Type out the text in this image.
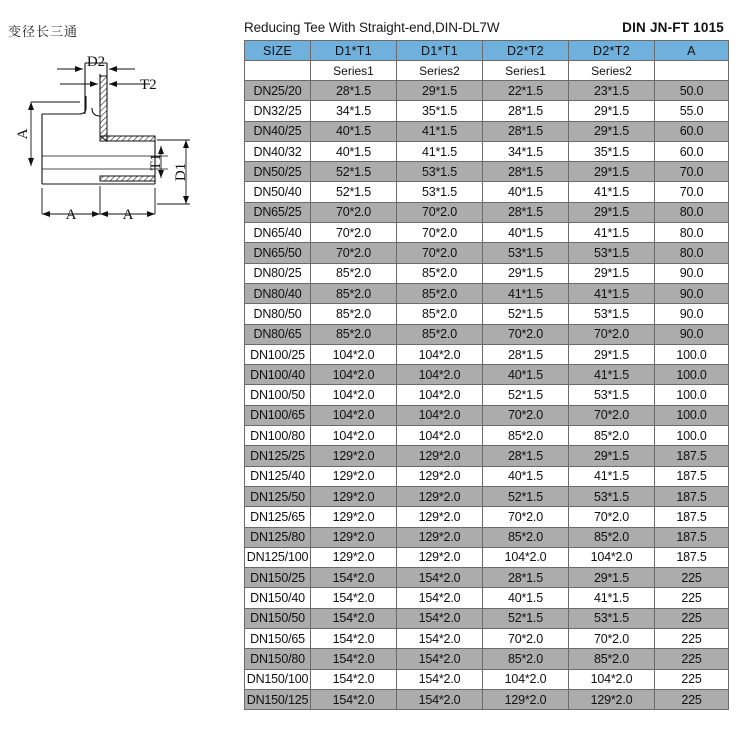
变径长三通
D2
T2
A
T1
D1
A	A
Reducing Tee With Straight-end,DIN-DL7W	DIN JN-FT 1015
SIZE	D1*T1	D1*T1	D2*T2	D2*T2	A
	Series1	Series2	Series1	Series2	
DN25/20	28*1.5	29*1.5	22*1.5	23*1.5	50.0
DN32/25	34*1.5	35*1.5	28*1.5	29*1.5	55.0
DN40/25	40*1.5	41*1.5	28*1.5	29*1.5	60.0
DN40/32	40*1.5	41*1.5	34*1.5	35*1.5	60.0
DN50/25	52*1.5	53*1.5	28*1.5	29*1.5	70.0
DN50/40	52*1.5	53*1.5	40*1.5	41*1.5	70.0
DN65/25	70*2.0	70*2.0	28*1.5	29*1.5	80.0
DN65/40	70*2.0	70*2.0	40*1.5	41*1.5	80.0
DN65/50	70*2.0	70*2.0	53*1.5	53*1.5	80.0
DN80/25	85*2.0	85*2.0	29*1.5	29*1.5	90.0
DN80/40	85*2.0	85*2.0	41*1.5	41*1.5	90.0
DN80/50	85*2.0	85*2.0	52*1.5	53*1.5	90.0
DN80/65	85*2.0	85*2.0	70*2.0	70*2.0	90.0
DN100/25	104*2.0	104*2.0	28*1.5	29*1.5	100.0
DN100/40	104*2.0	104*2.0	40*1.5	41*1.5	100.0
DN100/50	104*2.0	104*2.0	52*1.5	53*1.5	100.0
DN100/65	104*2.0	104*2.0	70*2.0	70*2.0	100.0
DN100/80	104*2.0	104*2.0	85*2.0	85*2.0	100.0
DN125/25	129*2.0	129*2.0	28*1.5	29*1.5	187.5
DN125/40	129*2.0	129*2.0	40*1.5	41*1.5	187.5
DN125/50	129*2.0	129*2.0	52*1.5	53*1.5	187.5
DN125/65	129*2.0	129*2.0	70*2.0	70*2.0	187.5
DN125/80	129*2.0	129*2.0	85*2.0	85*2.0	187.5
DN125/100	129*2.0	129*2.0	104*2.0	104*2.0	187.5
DN150/25	154*2.0	154*2.0	28*1.5	29*1.5	225
DN150/40	154*2.0	154*2.0	40*1.5	41*1.5	225
DN150/50	154*2.0	154*2.0	52*1.5	53*1.5	225
DN150/65	154*2.0	154*2.0	70*2.0	70*2.0	225
DN150/80	154*2.0	154*2.0	85*2.0	85*2.0	225
DN150/100	154*2.0	154*2.0	104*2.0	104*2.0	225
DN150/125	154*2.0	154*2.0	129*2.0	129*2.0	225
